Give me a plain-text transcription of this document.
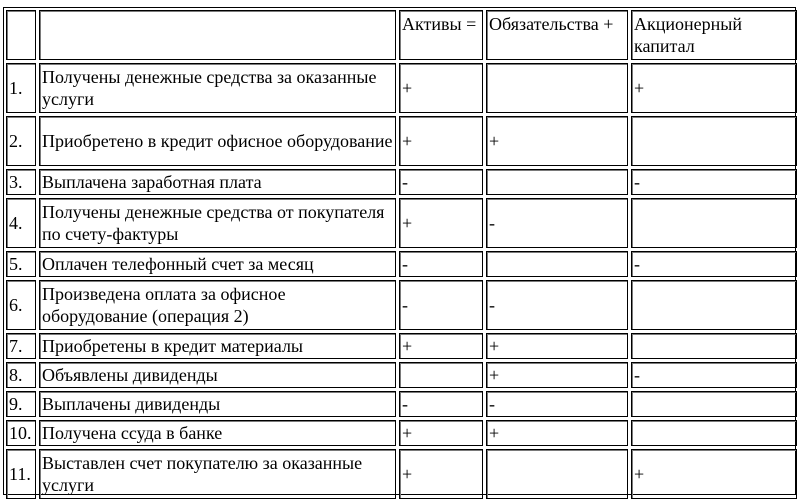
		Активы =	Обязательства +	Акционерный капитал
1.	Получены денежные средства за оказанные услуги	+		+
2.	Приобретено в кредит офисное оборудование	+	+	
3.	Выплачена заработная плата	-		-
4.	Получены денежные средства от покупателя по счету-фактуры	+	-	
5.	Оплачен телефонный счет за месяц	-		-
6.	Произведена оплата за офисное оборудование (операция 2)	-	-	
7.	Приобретены в кредит материалы	+	+	
8.	Объявлены дивиденды		+	-
9.	Выплачены дивиденды	-	-	
10.	Получена ссуда в банке	+	+	
11.	Выставлен счет покупателю за оказанные услуги	+		+
